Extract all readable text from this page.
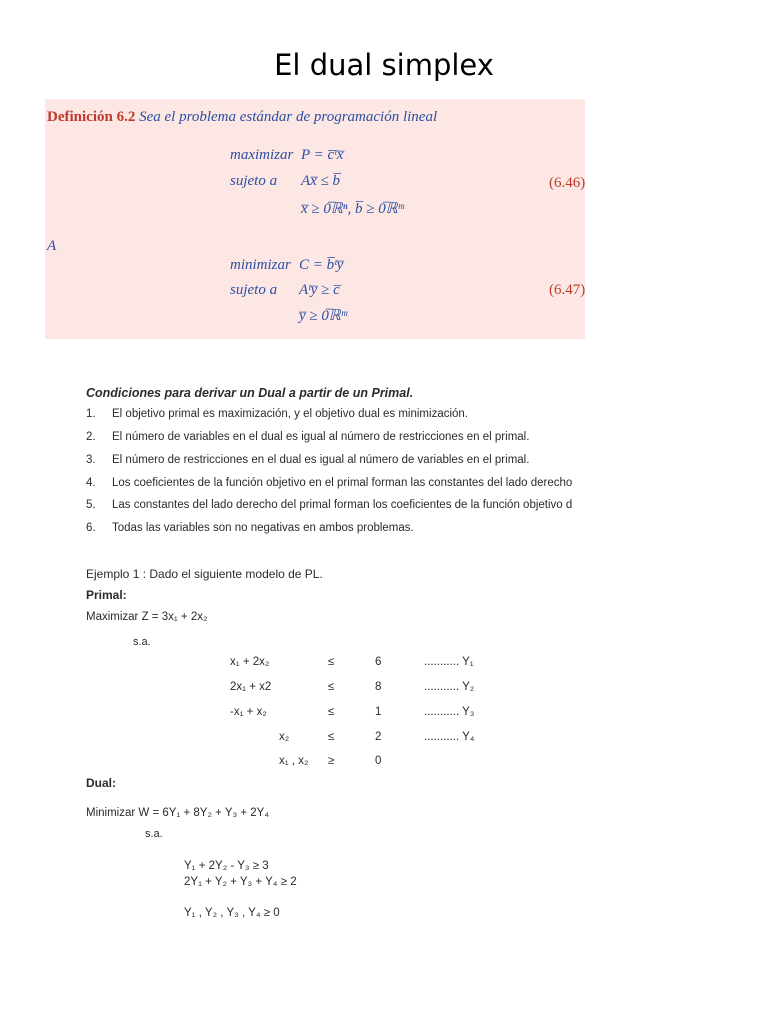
El dual simplex
Definición 6.2 Sea el problema estándar de programación lineal
maximizar P = c̅ᵗx̅
sujeto a Ax̅ ≤ b̅	(6.46)
x̅ ≥ 0̅ℝⁿ, b̅ ≥ 0̅ℝᵐ
A
minimizar C = b̅ᵗy̅
sujeto a Aᵗy̅ ≥ c̅	(6.47)
y̅ ≥ 0̅ℝᵐ
Condiciones para derivar un Dual a partir de un Primal.
1. El objetivo primal es maximización, y el objetivo dual es minimización.
2. El número de variables en el dual es igual al número de restricciones en el primal.
3. El número de restricciones en el dual es igual al número de variables en el primal.
4. Los coeficientes de la función objetivo en el primal forman las constantes del lado derecho
5. Las constantes del lado derecho del primal forman los coeficientes de la función objetivo d
6. Todas las variables son no negativas en ambos problemas.
Ejemplo 1 : Dado el siguiente modelo de PL.
Primal:
Maximizar Z = 3x₁ + 2x₂
s.a.
x₁ + 2x₂	≤	6	........... Y₁
2x₁ + x2	≤	8	........... Y₂
-x₁ + x₂	≤	1	........... Y₃
x₂	≤	2	........... Y₄
x₁ , x₂ ≥	0
Dual:
Minimizar W = 6Y₁ + 8Y₂ + Y₃ + 2Y₄
s.a.
Y₁ + 2Y₂ - Y₃ ≥ 3
2Y₁ + Y₂ + Y₃ + Y₄ ≥ 2
Y₁ , Y₂ , Y₃ , Y₄ ≥ 0
